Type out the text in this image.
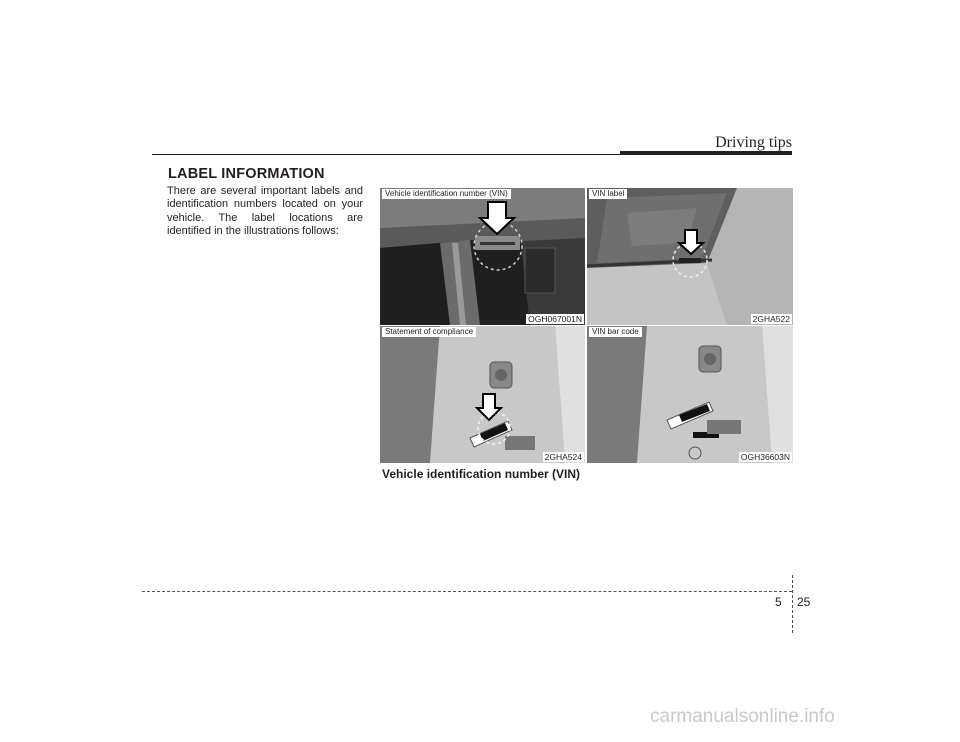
Driving tips
LABEL INFORMATION
There are several important labels and identification numbers located on your vehicle. The label locations are identified in the illustrations follows:
Vehicle identification number (VIN)
OGH067001N
VIN label
2GHA522
Statement of compliance
2GHA524
VIN bar code
OGH36603N
Vehicle identification number (VIN)
5 25
carmanualsonline.info
